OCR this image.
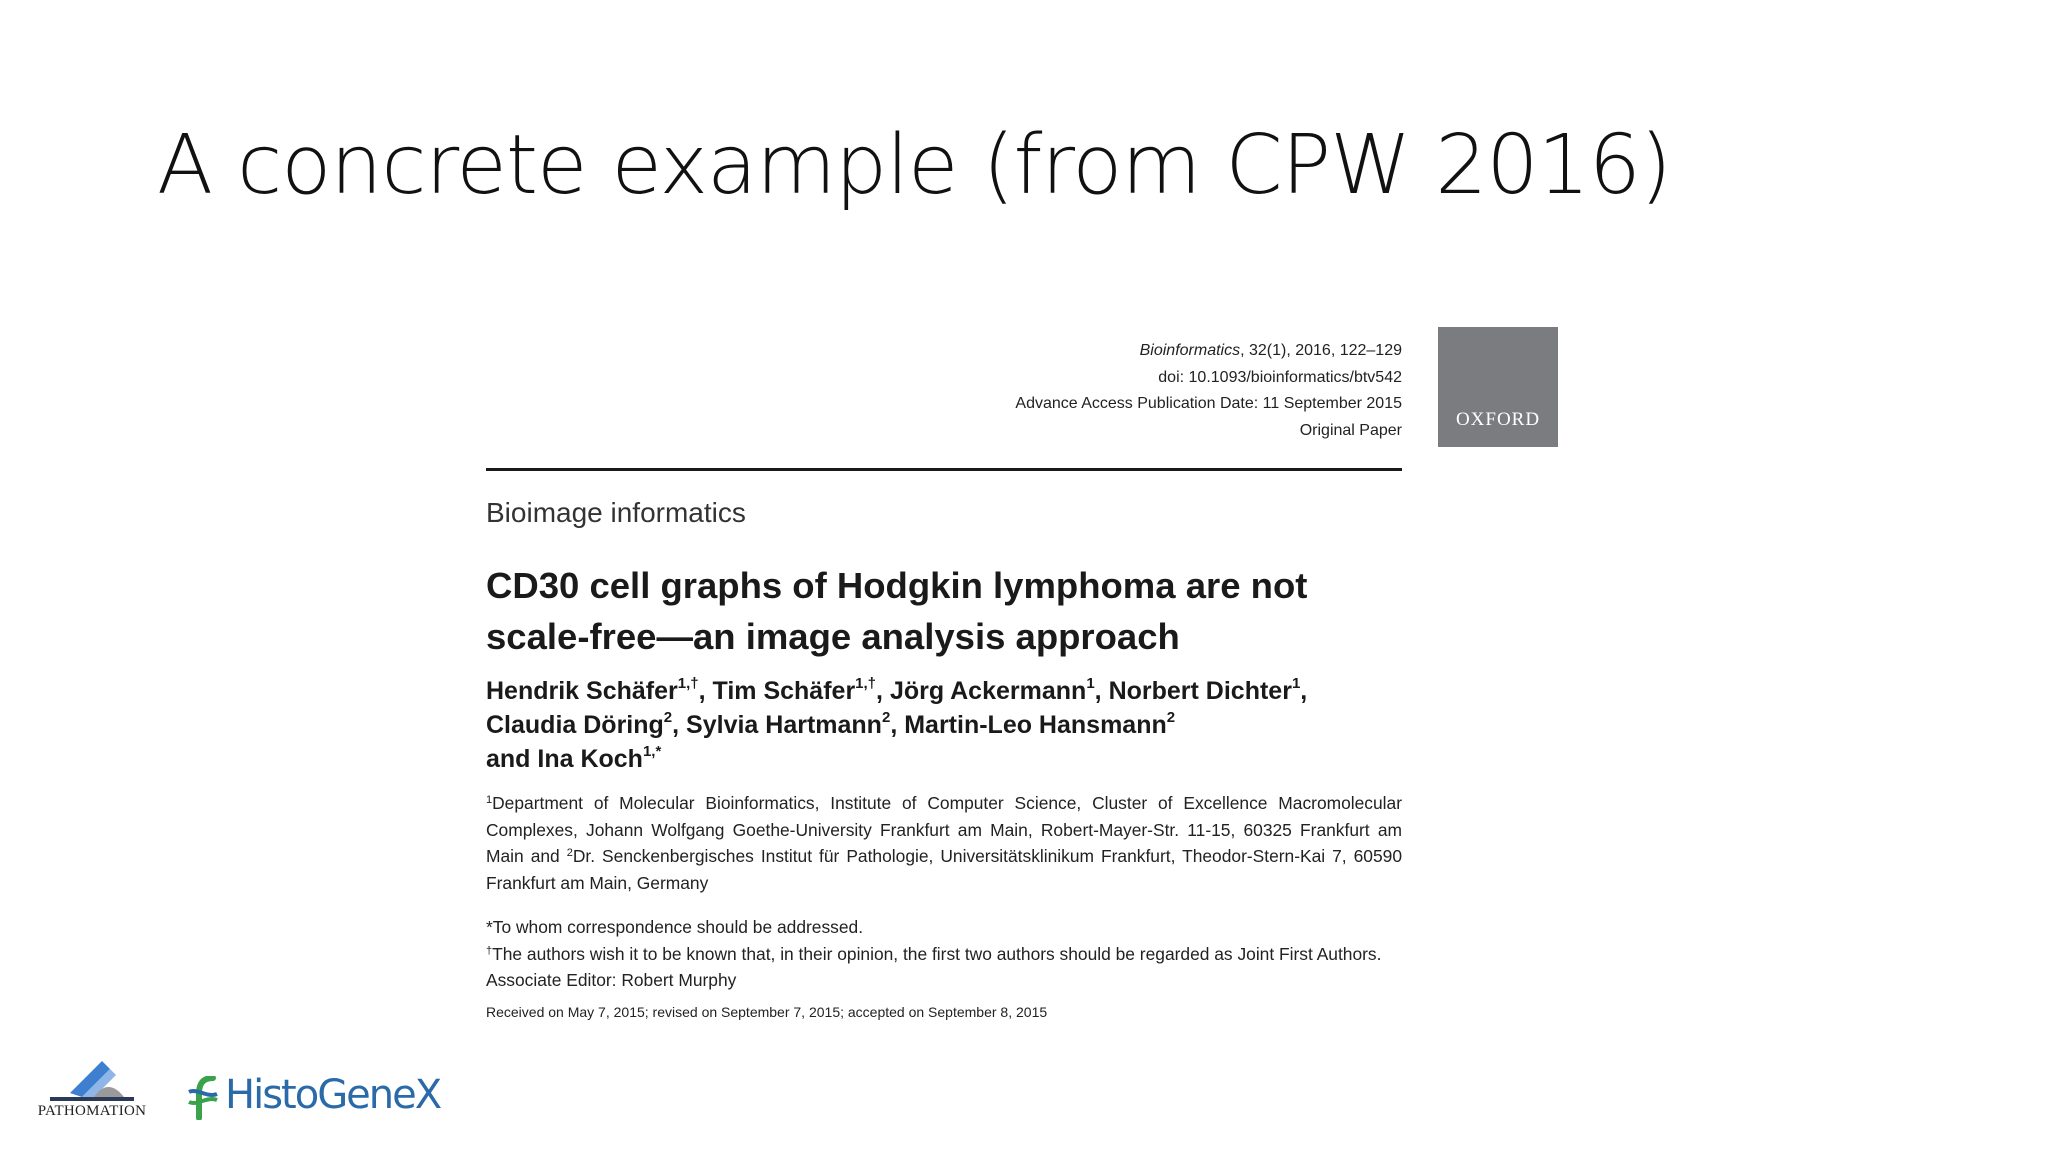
A concrete example (from CPW 2016)
Bioinformatics, 32(1), 2016, 122–129
doi: 10.1093/bioinformatics/btv542
Advance Access Publication Date: 11 September 2015
Original Paper	OXFORD
Bioimage informatics
CD30 cell graphs of Hodgkin lymphoma are not scale-free—an image analysis approach
Hendrik Schäfer$^{1,\dagger}$, Tim Schäfer$^{1,\dagger}$, Jörg Ackermann$^1$, Norbert Dichter$^1$,
Claudia Döring$^2$, Sylvia Hartmann$^2$, Martin-Leo Hansmann$^2$
and Ina Koch$^{1,*}$
$^1$Department of Molecular Bioinformatics, Institute of Computer Science, Cluster of Excellence Macromolecular Complexes, Johann Wolfgang Goethe-University Frankfurt am Main, Robert-Mayer-Str. 11-15, 60325 Frankfurt am Main and $^2$Dr. Senckenbergisches Institut für Pathologie, Universitätsklinikum Frankfurt, Theodor-Stern-Kai 7, 60590 Frankfurt am Main, Germany
*To whom correspondence should be addressed.
†The authors wish it to be known that, in their opinion, the first two authors should be regarded as Joint First Authors.
Associate Editor: Robert Murphy
Received on May 7, 2015; revised on September 7, 2015; accepted on September 8, 2015
PATHOMATION HistoGeneX
